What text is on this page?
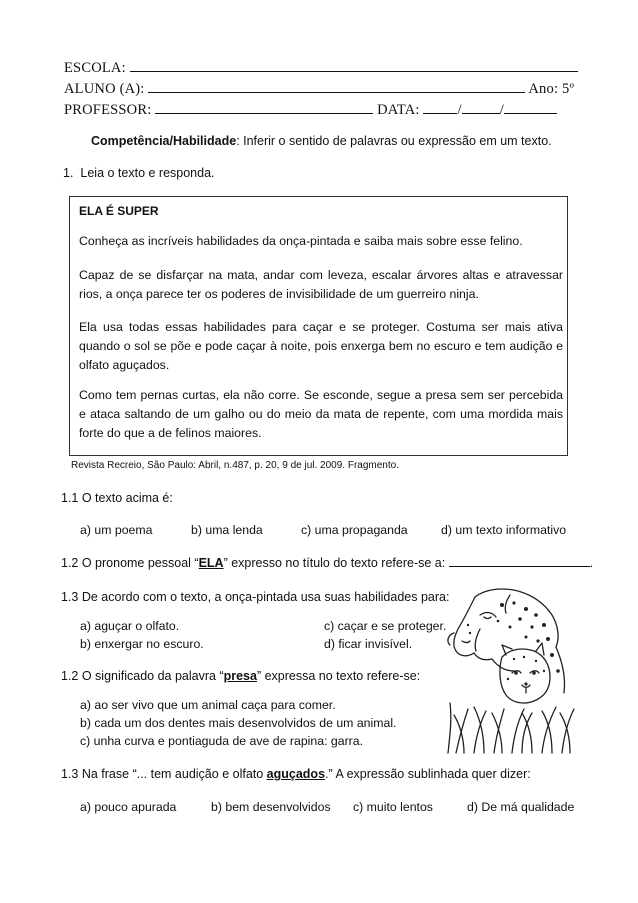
ESCOLA:
ALUNO (A):	Ano: 5º
PROFESSOR:	DATA:	/	/
Competência/Habilidade: Inferir o sentido de palavras ou expressão em um texto.
1. Leia o texto e responda.
ELA É SUPER

Conheça as incríveis habilidades da onça-pintada e saiba mais sobre esse felino.

Capaz de se disfarçar na mata, andar com leveza, escalar árvores altas e atravessar rios, a onça parece ter os poderes de invisibilidade de um guerreiro ninja.

Ela usa todas essas habilidades para caçar e se proteger. Costuma ser mais ativa quando o sol se põe e pode caçar à noite, pois enxerga bem no escuro e tem audição e olfato aguçados.

Como tem pernas curtas, ela não corre. Se esconde, segue a presa sem ser percebida e ataca saltando de um galho ou do meio da mata de repente, com uma mordida mais forte do que a de felinos maiores.

Revista Recreio, São Paulo: Abril, n.487, p. 20, 9 de jul. 2009. Fragmento.
1.1 O texto acima é:
a) um poema	b) uma lenda	c) uma propaganda	d) um texto informativo
1.2 O pronome pessoal “ELA” expresso no título do texto refere-se a:	.
1.3 De acordo com o texto, a onça-pintada usa suas habilidades para:
a) aguçar o olfato.	c) caçar e se proteger.
b) enxergar no escuro.	d) ficar invisível.
1.2 O significado da palavra “presa” expressa no texto refere-se:
a) ao ser vivo que um animal caça para comer.
b) cada um dos dentes mais desenvolvidos de um animal.
c) unha curva e pontiaguda de ave de rapina: garra.
1.3 Na frase “... tem audição e olfato aguçados.” A expressão sublinhada quer dizer:
a) pouco apurada	b) bem desenvolvidos c) muito lentos	d) De má qualidade
